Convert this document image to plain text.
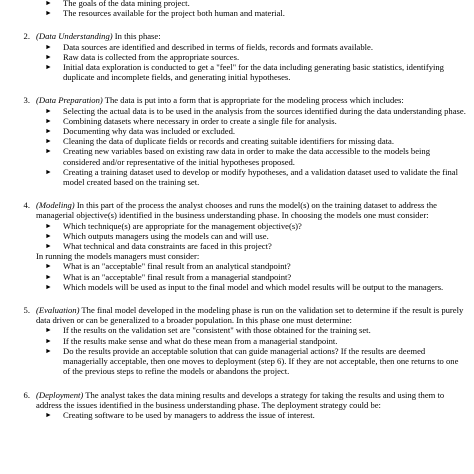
► The goals of the data mining project.
► The resources available for the project both human and material.
2. (Data Understanding) In this phase:
► Data sources are identified and described in terms of fields, records and formats available.
► Raw data is collected from the appropriate sources.
► Initial data exploration is conducted to get a "feel" for the data including generating basic statistics, identifying duplicate and incomplete fields, and generating initial hypotheses.
3. (Data Preparation) The data is put into a form that is appropriate for the modeling process which includes:
► Selecting the actual data is to be used in the analysis from the sources identified during the data understanding phase.
► Combining datasets where necessary in order to create a single file for analysis.
► Documenting why data was included or excluded.
► Cleaning the data of duplicate fields or records and creating suitable identifiers for missing data.
► Creating new variables based on existing raw data in order to make the data accessible to the models being considered and/or representative of the initial hypotheses proposed.
► Creating a training dataset used to develop or modify hypotheses, and a validation dataset used to validate the final model created based on the training set.
4. (Modeling) In this part of the process the analyst chooses and runs the model(s) on the training dataset to address the managerial objective(s) identified in the business understanding phase. In choosing the models one must consider:
► Which technique(s) are appropriate for the management objective(s)?
► Which outputs managers using the models can and will use.
► What technical and data constraints are faced in this project?
In running the models managers must consider:
► What is an "acceptable" final result from an analytical standpoint?
► What is an "acceptable" final result from a managerial standpoint?
► Which models will be used as input to the final model and which model results will be output to the managers.
5. (Evaluation) The final model developed in the modeling phase is run on the validation set to determine if the result is purely data driven or can be generalized to a broader population. In this phase one must determine:
► If the results on the validation set are "consistent" with those obtained for the training set.
► If the results make sense and what do these mean from a managerial standpoint.
► Do the results provide an acceptable solution that can guide managerial actions? If the results are deemed managerially acceptable, then one moves to deployment (step 6). If they are not acceptable, then one returns to one of the previous steps to refine the models or abandons the project.
6. (Deployment) The analyst takes the data mining results and develops a strategy for taking the results and using them to address the issues identified in the business understanding phase. The deployment strategy could be:
► Creating software to be used by managers to address the issue of interest.
